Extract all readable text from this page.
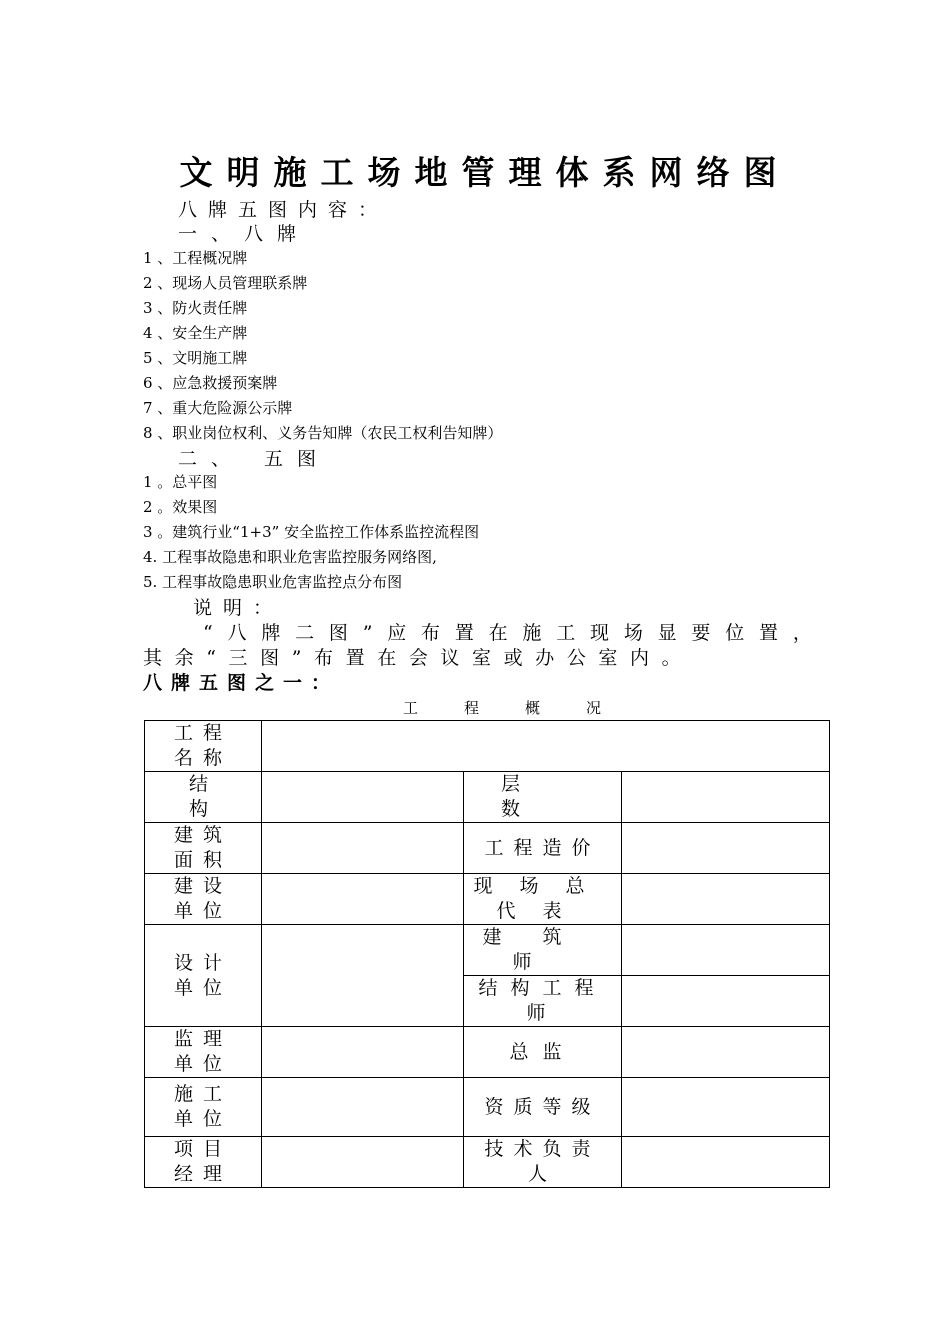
文明施工场地管理体系网络图
八牌五图内容：
一、八牌
1 、工程概况牌
2 、现场人员管理联系牌
3 、防火责任牌
4 、安全生产牌
5 、文明施工牌
6 、应急救援预案牌
7 、重大危险源公示牌
8 、职业岗位权利、义务告知牌（农民工权利告知牌）
二、 五图
1 。总平图
2 。效果图
3 。建筑行业“1+3” 安全监控工作体系监控流程图
4. 工程事故隐患和职业危害监控服务网络图,
5. 工程事故隐患职业危害监控点分布图
说明：
“八牌二图”应布置在施工现场显要位置，
其余“三图”布置在会议室或办公室内。
八牌五图之一：
工程概况
工程名称			
结构		层数	
建筑面积		工程造价	
建设单位		现场总代表	
设计单位		建筑师	
		结构工程师	
监理单位		总监	
施工单位		资质等级	
项目经理		技术负责人	
